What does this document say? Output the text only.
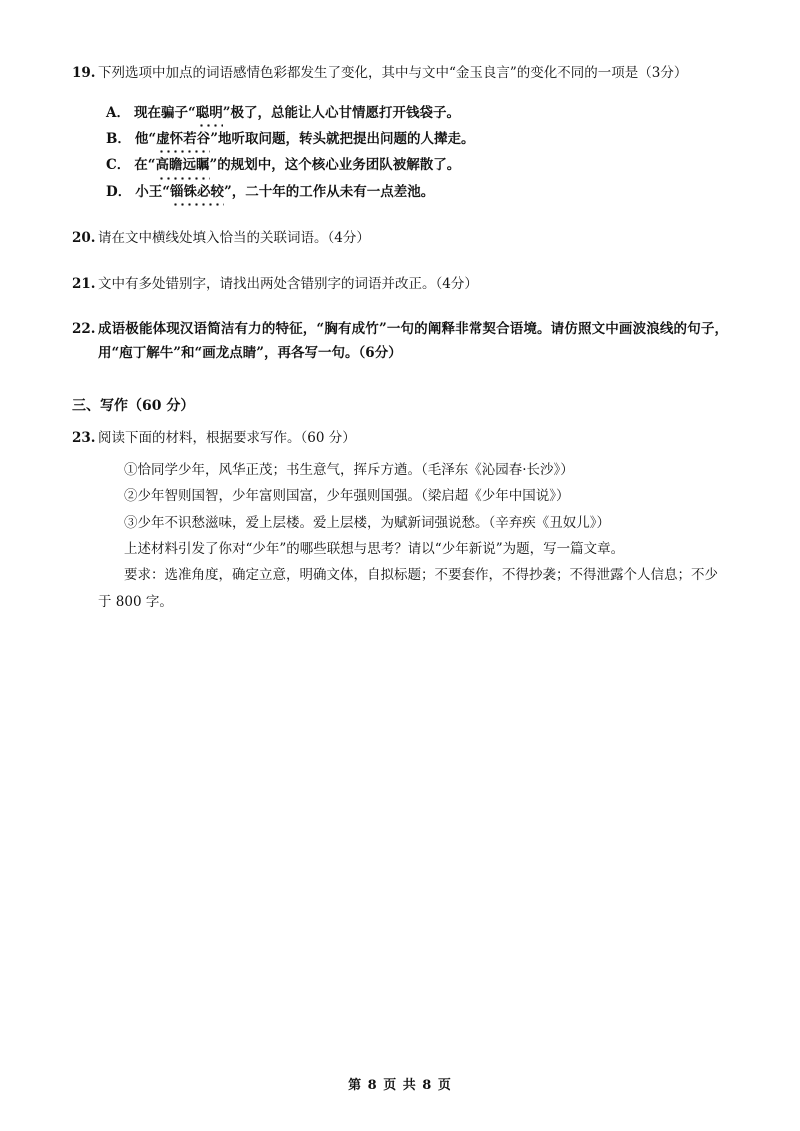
19. 下列选项中加点的词语感情色彩都发生了变化，其中与文中“金玉良言”的变化不同的一项是（3分）
A． 现在骗子“聪明”极了，总能让人心甘情愿打开钱袋子。
B． 他“虚怀若谷”地听取问题，转头就把提出问题的人撵走。
C． 在“高瞻远瞩”的规划中，这个核心业务团队被解散了。
D． 小王“锱铢必较”，二十年的工作从未有一点差池。
20. 请在文中横线处填入恰当的关联词语。（4分）
21. 文中有多处错别字，请找出两处含错别字的词语并改正。（4分）
22. 成语极能体现汉语简洁有力的特征，“胸有成竹”一句的阐释非常契合语境。请仿照文中画波浪线的句子，用“庖丁解牛”和“画龙点睛”，再各写一句。（6分）
三、写作（60 分）
23. 阅读下面的材料，根据要求写作。（60 分）
①恰同学少年，风华正茂；书生意气，挥斥方遒。（毛泽东《沁园春·长沙》）
②少年智则国智，少年富则国富，少年强则国强。（梁启超《少年中国说》）
③少年不识愁滋味，爱上层楼。爱上层楼，为赋新词强说愁。（辛弃疾《丑奴儿》）
上述材料引发了你对“少年”的哪些联想与思考？请以“少年新说”为题，写一篇文章。
要求：选准角度，确定立意，明确文体，自拟标题；不要套作，不得抄袭；不得泄露个人信息；不少
于 800 字。
第 8 页 共 8 页
